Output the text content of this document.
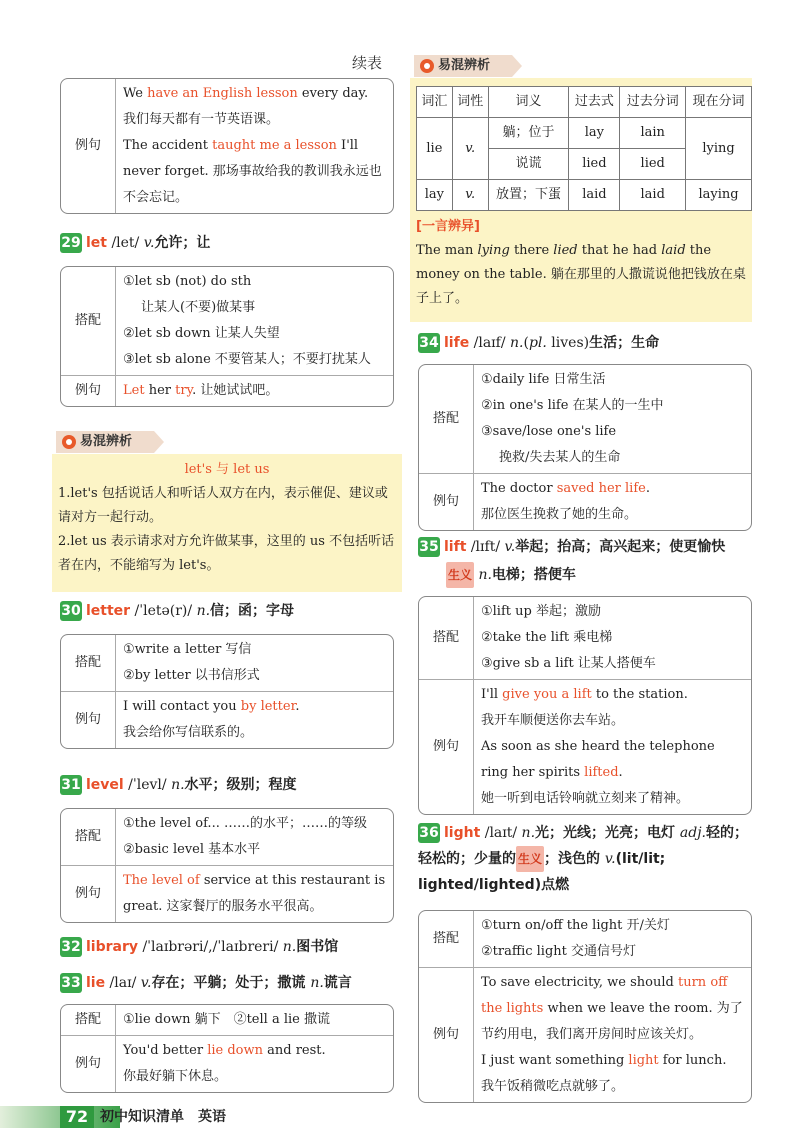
续表
例句	
We have an English lesson every day.
我们每天都有一节英语课。
The accident taught me a lesson I'll never forget. 那场事故给我的教训我永远也不会忘记。
29 let /let/ v.允许；让
搭配	①let sb (not) do sth
让某人(不要)做某事
②let sb down 让某人失望
③let sb alone 不要管某人；不要打扰某人

例句	Let her try. 让她试试吧。
易混辨析
let's 与 let us
1.let's 包括说话人和听话人双方在内，表示催促、建议或请对方一起行动。
2.let us 表示请求对方允许做某事，这里的 us 不包括听话者在内，不能缩写为 let's。
30 letter /ˈletə(r)/ n.信；函；字母
搭配	①write a letter 写信
②by letter 以书信形式

例句	I will contact you by letter.
我会给你写信联系的。
31 level /ˈlevl/ n.水平；级别；程度
搭配	①the level of... ……的水平；……的等级
②basic level 基本水平

例句	The level of service at this restaurant is great. 这家餐厅的服务水平很高。
32 library /ˈlaɪbrəri/,/ˈlaɪbreri/ n.图书馆
33 lie /laɪ/ v.存在；平躺；处于；撒谎 n.谎言
搭配	①lie down 躺下　②tell a lie 撒谎

例句	You'd better lie down and rest.
你最好躺下休息。
易混辨析
词汇	词性	词义	过去式	过去分词	现在分词
lie	v.	躺；位于	lay	lain	lying
		说谎	lied	lied	
lay	v.	放置；下蛋	laid	laid	laying
[一言辨异]
The man lying there lied that he had laid the money on the table. 躺在那里的人撒谎说他把钱放在桌子上了。
34 life /laɪf/ n.(pl. lives)生活；生命
搭配	①daily life 日常生活
②in one's life 在某人的一生中
③save/lose one's life
挽救/失去某人的生命

例句	The doctor saved her life.
那位医生挽救了她的生命。
35 lift /lɪft/ v.举起；抬高；高兴起来；使更愉快
生义 n.电梯；搭便车
搭配	①lift up 举起；激励
②take the lift 乘电梯
③give sb a lift 让某人搭便车

例句	I'll give you a lift to the station.
我开车顺便送你去车站。
As soon as she heard the telephone ring her spirits lifted.
她一听到电话铃响就立刻来了精神。
36 light /laɪt/ n.光；光线；光亮；电灯 adj.轻的；轻松的；少量的 生义 ；浅色的 v.(lit/lit; lighted/lighted)点燃
搭配	①turn on/off the light 开/关灯
②traffic light 交通信号灯

例句	To save electricity, we should turn off the lights when we leave the room. 为了节约用电，我们离开房间时应该关灯。
I just want something light for lunch.
我午饭稍微吃点就够了。
72 初中知识清单　英语
